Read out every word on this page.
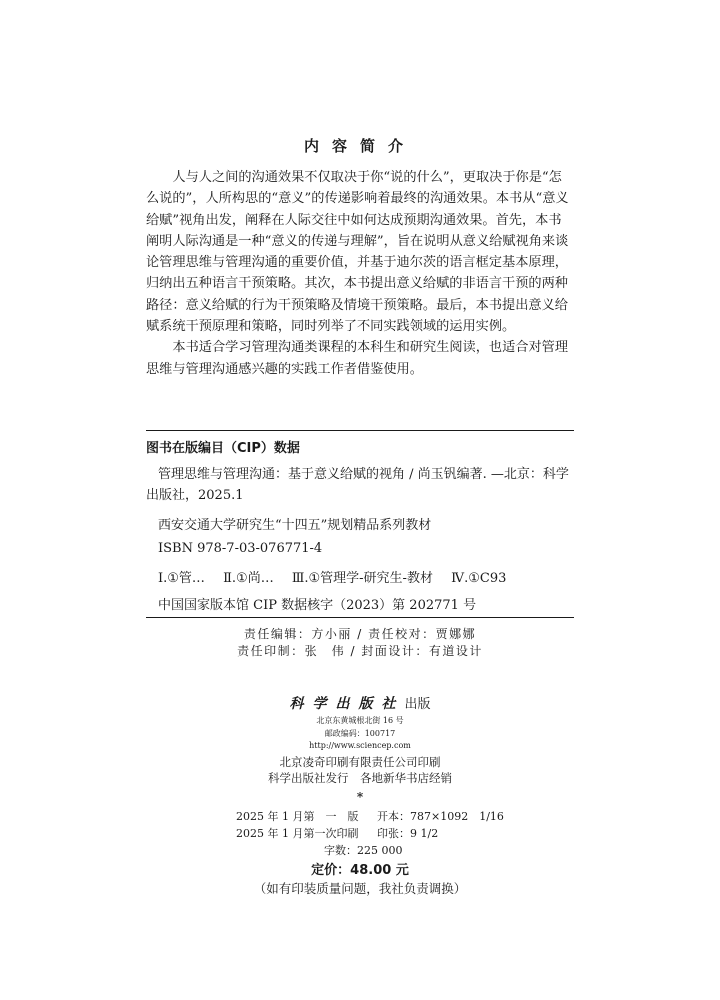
内容简介

人与人之间的沟通效果不仅取决于你“说的什么”，更取决于你是“怎么说的”，人所构思的“意义”的传递影响着最终的沟通效果。本书从“意义给赋”视角出发，阐释在人际交往中如何达成预期沟通效果。首先，本书阐明人际沟通是一种“意义的传递与理解”，旨在说明从意义给赋视角来谈论管理思维与管理沟通的重要价值，并基于迪尔茨的语言框定基本原理，归纳出五种语言干预策略。其次，本书提出意义给赋的非语言干预的两种路径：意义给赋的行为干预策略及情境干预策略。最后，本书提出意义给赋系统干预原理和策略，同时列举了不同实践领域的运用实例。

本书适合学习管理沟通类课程的本科生和研究生阅读，也适合对管理思维与管理沟通感兴趣的实践工作者借鉴使用。

图书在版编目（CIP）数据
管理思维与管理沟通：基于意义给赋的视角 / 尚玉钒编著. —北京：科学出版社，2025.1
西安交通大学研究生“十四五”规划精品系列教材
ISBN 978-7-03-076771-4
Ⅰ.①管… Ⅱ.①尚… Ⅲ.①管理学-研究生-教材 Ⅳ.①C93
中国国家版本馆 CIP 数据核字（2023）第 202771 号
责任编辑：方小丽 / 责任校对：贾娜娜
责任印制：张　伟 / 封面设计：有道设计
科学出版社出版
北京东黄城根北街 16 号
邮政编码：100717
http://www.sciencep.com
北京凌奇印刷有限责任公司印刷
科学出版社发行　各地新华书店经销
*
2025 年 1 月第　一　版 开本：787×1092　1/16
2025 年 1 月第一次印刷 印张：9 1/2
字数：225 000
定价：48.00 元
（如有印装质量问题，我社负责调换）
